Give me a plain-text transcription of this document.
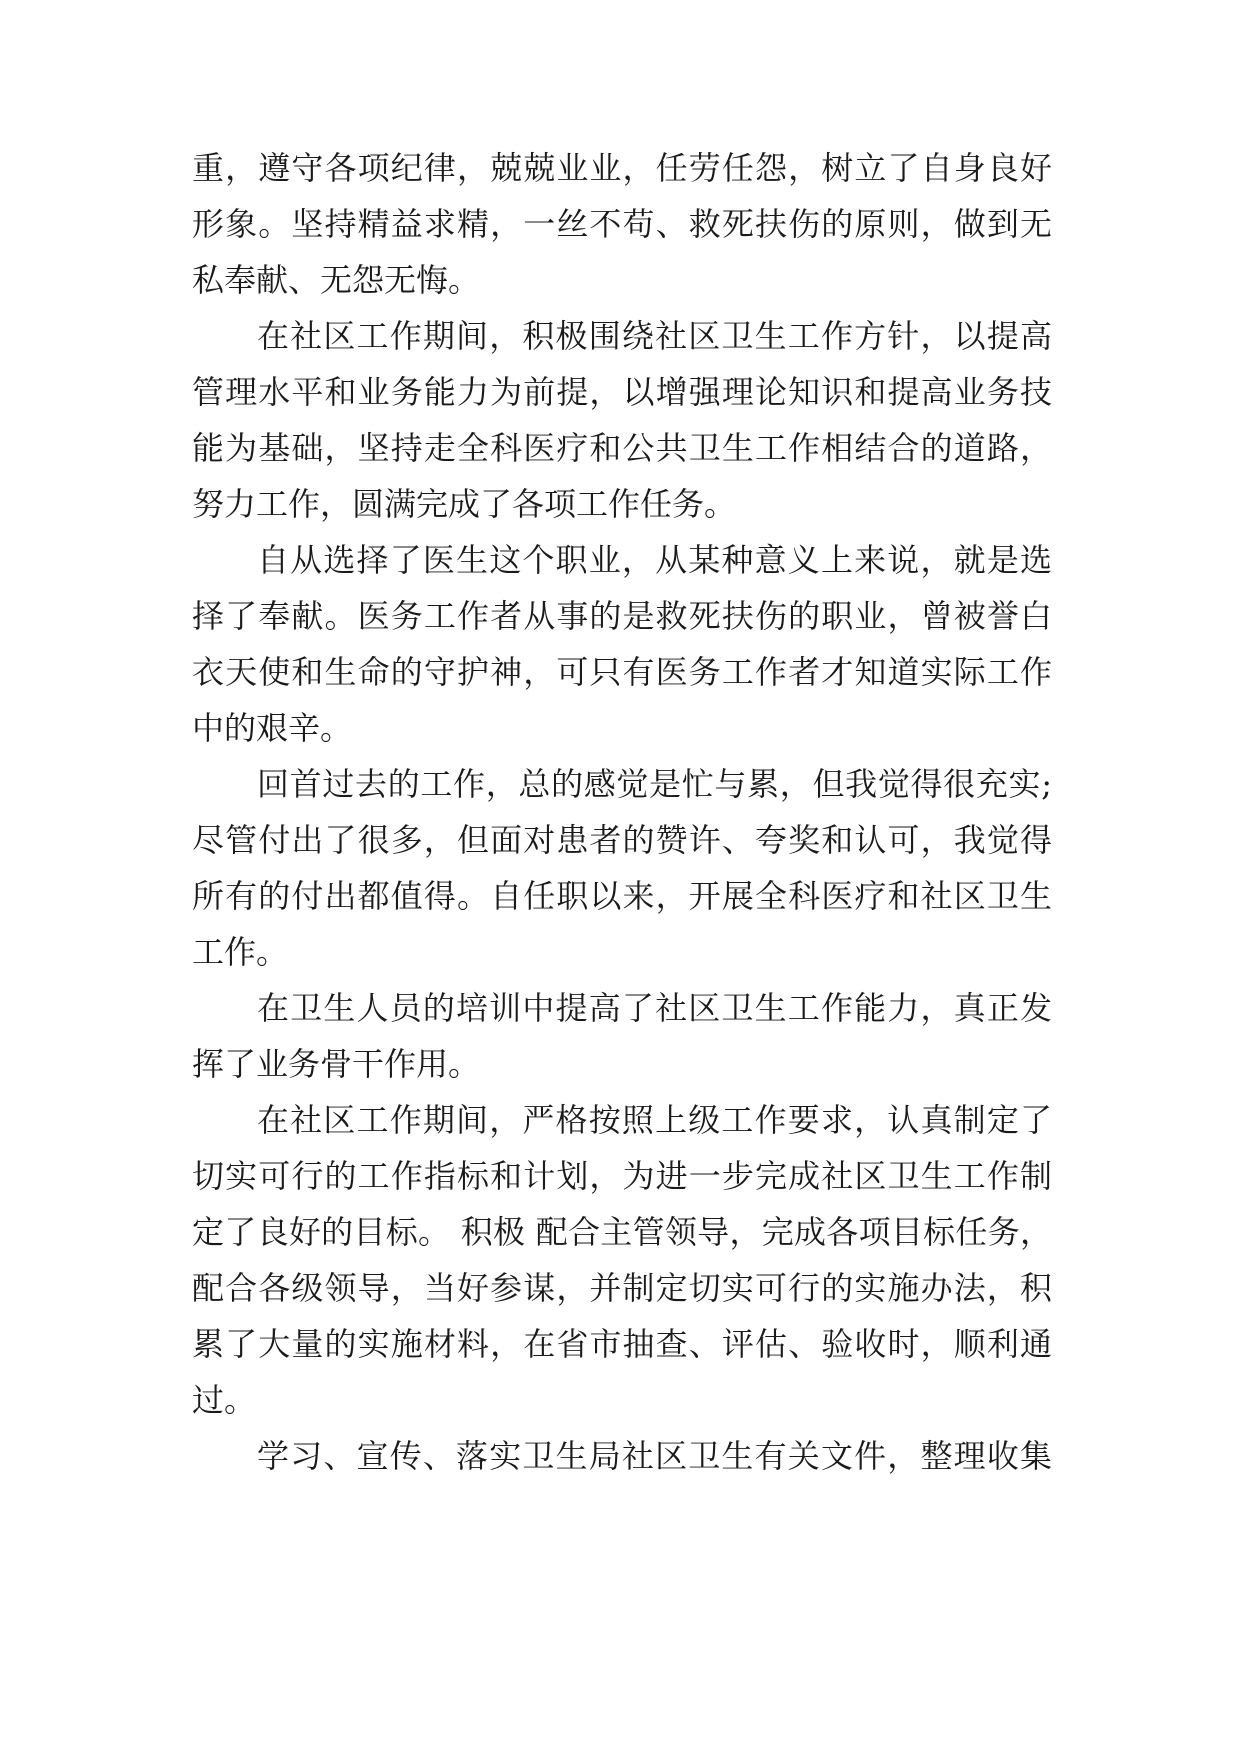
重，遵守各项纪律，兢兢业业，任劳任怨，树立了自身良好
形象。坚持精益求精，一丝不苟、救死扶伤的原则，做到无
私奉献、无怨无悔。
在社区工作期间，积极围绕社区卫生工作方针，以提高
管理水平和业务能力为前提，以增强理论知识和提高业务技
能为基础，坚持走全科医疗和公共卫生工作相结合的道路，
努力工作，圆满完成了各项工作任务。
自从选择了医生这个职业，从某种意义上来说，就是选
择了奉献。医务工作者从事的是救死扶伤的职业，曾被誉白
衣天使和生命的守护神，可只有医务工作者才知道实际工作
中的艰辛。
回首过去的工作，总的感觉是忙与累，但我觉得很充实;
尽管付出了很多，但面对患者的赞许、夸奖和认可，我觉得
所有的付出都值得。自任职以来，开展全科医疗和社区卫生
工作。
在卫生人员的培训中提高了社区卫生工作能力，真正发
挥了业务骨干作用。
在社区工作期间，严格按照上级工作要求，认真制定了
切实可行的工作指标和计划，为进一步完成社区卫生工作制
定了良好的目标。 积极 配合主管领导，完成各项目标任务，
配合各级领导，当好参谋，并制定切实可行的实施办法，积
累了大量的实施材料，在省市抽查、评估、验收时，顺利通
过。
学习、宣传、落实卫生局社区卫生有关文件，整理收集
